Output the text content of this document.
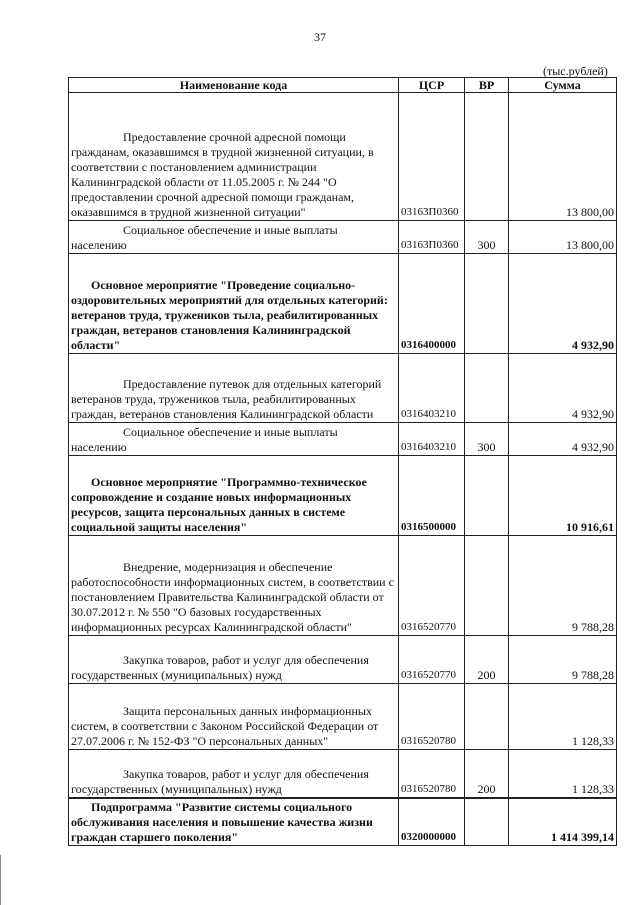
37
(тыс.рублей)
Наименование кода	ЦСР	ВР	Сумма
Предоставление срочной адресной помощи гражданам, оказавшимся в трудной жизненной ситуации, в соответствии с постановлением администрации Калининградской области от 11.05.2005 г. № 244 "О предоставлении срочной адресной помощи гражданам, оказавшимся в трудной жизненной ситуации"	03163П0360		13 800,00
Социальное обеспечение и иные выплаты населению	03163П0360	300	13 800,00
Основное мероприятие "Проведение социально-оздоровительных мероприятий для отдельных категорий: ветеранов труда, тружеников тыла, реабилитированных граждан, ветеранов становления Калининградской области"	0316400000		4 932,90
Предоставление путевок для отдельных категорий ветеранов труда, тружеников тыла, реабилитированных граждан, ветеранов становления Калининградской области	0316403210		4 932,90
Социальное обеспечение и иные выплаты населению	0316403210	300	4 932,90
Основное мероприятие "Программно-техническое сопровождение и создание новых информационных ресурсов, защита персональных данных в системе социальной защиты населения"	0316500000		10 916,61
Внедрение, модернизация и обеспечение работоспособности информационных систем, в соответствии с постановлением Правительства Калининградской области от 30.07.2012 г. № 550 "О базовых государственных информационных ресурсах Калининградской области"	0316520770		9 788,28
Закупка товаров, работ и услуг для обеспечения государственных (муниципальных) нужд	0316520770	200	9 788,28
Защита персональных данных информационных систем, в соответствии с Законом Российской Федерации от 27.07.2006 г. № 152-ФЗ "О персональных данных"	0316520780		1 128,33
Закупка товаров, работ и услуг для обеспечения государственных (муниципальных) нужд	0316520780	200	1 128,33
Подпрограмма "Развитие системы социального обслуживания населения и повышение качества жизни граждан старшего поколения"	0320000000		1 414 399,14
